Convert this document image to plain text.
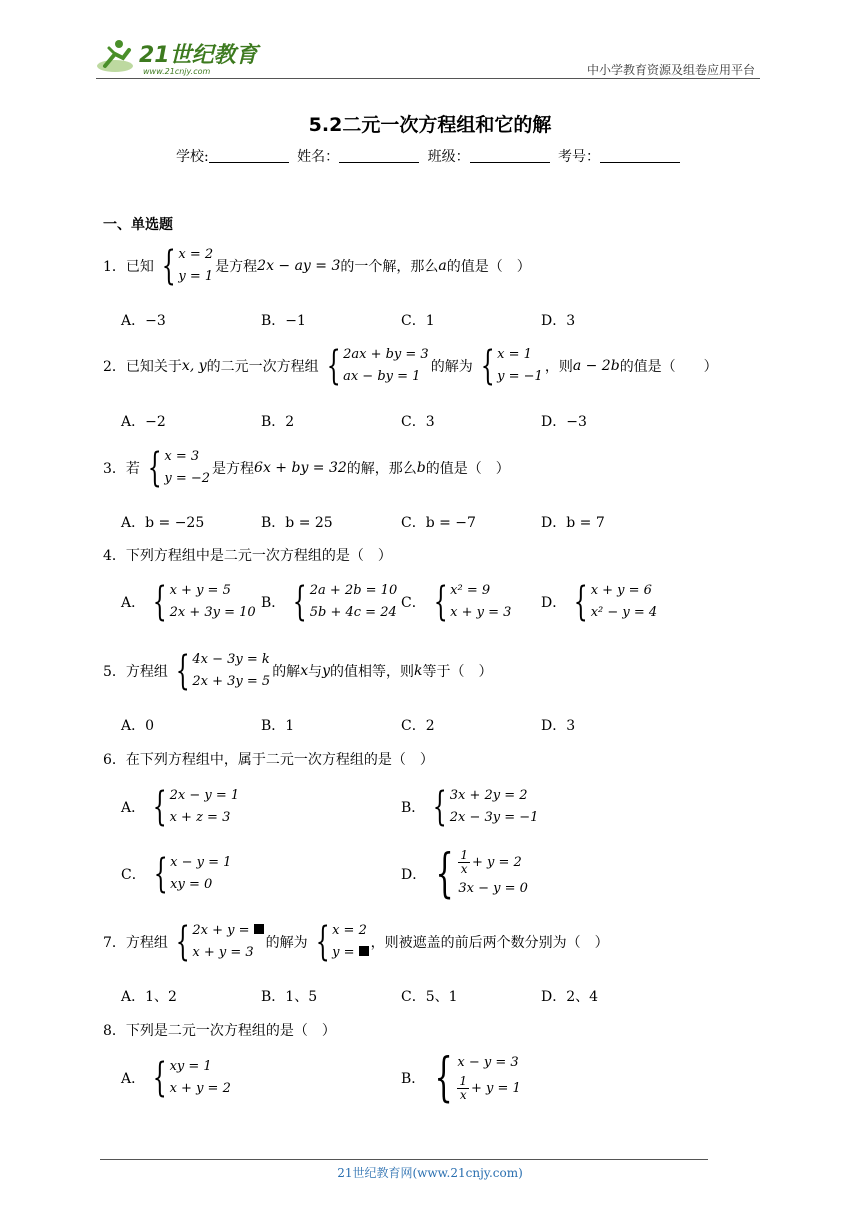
21世纪教育
www.21cnjy.com	中小学教育资源及组卷应用平台
5.2二元一次方程组和它的解
学校:	姓名：	班级：	考号：
一、单选题
1．已知 { x = 2
y = 1
是方程 2x − ay = 3 的一个解，那么 a 的值是（　）
A．−3	B．−1	C．1	D．3
2．已知关于 x, y 的二元一次方程组 { 2ax + by = 3
ax − by = 1
的解为 { x = 1
y = −1
，则 a − 2b 的值是（　　）
A．−2	B．2	C．3	D．−3
3．若 { x = 3
y = −2
是方程 6x + by = 32 的解，那么 b 的值是（　）
A．b = −25	B．b = 25	C．b = −7	D．b = 7
4．下列方程组中是二元一次方程组的是（　）
A． { x + y = 5
2x + 3y = 10
B． { 2a + 2b = 10
5b + 4c = 24
C． { x² = 9
x + y = 3
D． { x + y = 6
x² − y = 4
5．方程组 { 4x − 3y = k
2x + 3y = 5
的解 x 与 y 的值相等，则 k 等于（　）
A．0	B．1	C．2	D．3
6．在下列方程组中，属于二元一次方程组的是（　）
A． { 2x − y = 1
x + z = 3
B． { 3x + 2y = 2
2x − 3y = −1
C． { x − y = 1
xy = 0
D． { $\frac{1}{x} + y = 2$
3x − y = 0
7．方程组 { 2x + y =
x + y = 3
的解为 { x = 2
y =
，则被遮盖的前后两个数分别为（　）
A．1、2	B．1、5	C．5、1	D．2、4
8．下列是二元一次方程组的是（　）
A． { xy = 1
x + y = 2
B． { x − y = 3
$\frac{1}{x} + y = 1$
21世纪教育网(www.21cnjy.com)
